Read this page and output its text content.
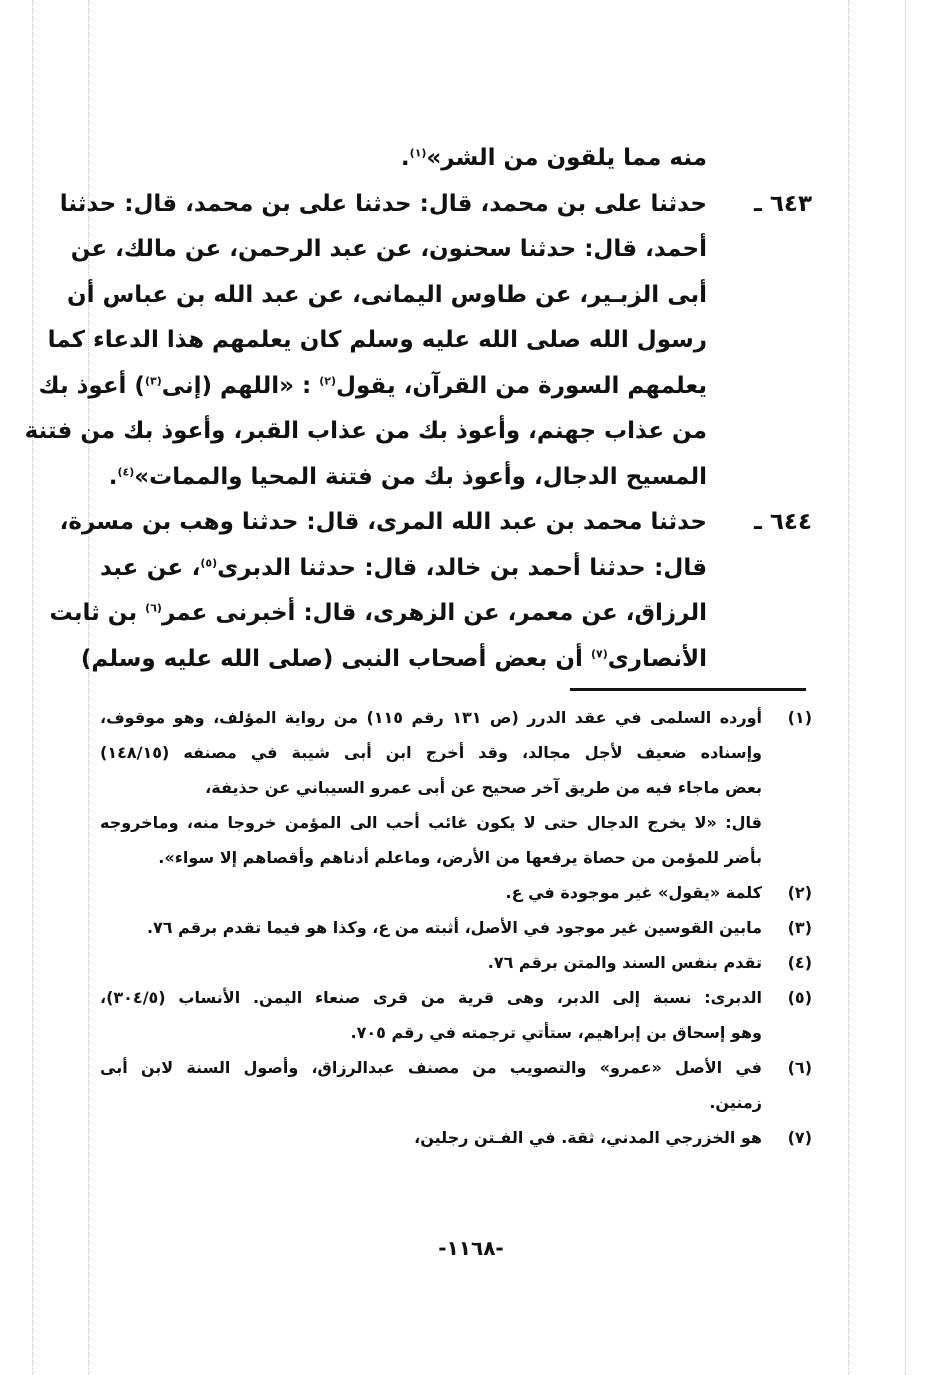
منه مما يلقون من الشر»$^{(١)}$.
٦٤٣ ـ
حدثنا على بن محمد، قال: حدثنا على بن محمد، قال: حدثنا
أحمد، قال: حدثنا سحنون، عن عبد الرحمن، عن مالك، عن
أبى الزبـير، عن طاوس اليمانى، عن عبد الله بن عباس أن
رسول الله صلى الله عليه وسلم كان يعلمهم هذا الدعاء كما
يعلمهم السورة من القرآن، يقول$^{(٢)}$ : «اللهم (إنى$^{(٣)}$) أعوذ بك
من عذاب جهنم، وأعوذ بك من عذاب القبر، وأعوذ بك من فتنة
المسيح الدجال، وأعوذ بك من فتنة المحيا والممات»$^{(٤)}$.
٦٤٤ ـ
حدثنا محمد بن عبد الله المرى، قال: حدثنا وهب بن مسرة،
قال: حدثنا أحمد بن خالد، قال: حدثنا الدبرى$^{(٥)}$، عن عبد
الرزاق، عن معمر، عن الزهرى، قال: أخبرنى عمر$^{(٦)}$ بن ثابت
الأنصارى$^{(٧)}$ أن بعض أصحاب النبى (صلى الله عليه وسلم)
(١)
أورده السلمى في عقد الدرر (ص ١٣١ رقم ١١٥) من رواية المؤلف، وهو موقوف،
وإسناده ضعيف لأجل مجالد، وقد أخرج ابن أبى شيبة في مصنفه (١٤٨/١٥)
بعض ماجاء فيه من طريق آخر صحيح عن أبى عمرو السيباني عن حذيفة،
قال: «لا يخرج الدجال حتى لا يكون غائب أحب الى المؤمن خروجا منه، وماخروجه
بأضر للمؤمن من حصاة يرفعها من الأرض، وماعلم أدناهم وأقصاهم إلا سواء».
(٢)
كلمة «يقول» غير موجودة في ع.
(٣)
مابين القوسين غير موجود في الأصل، أثبته من ع، وكذا هو فيما تقدم برقم ٧٦.
(٤)
تقدم بنفس السند والمتن برقم ٧٦.
(٥)
الدبرى: نسبة إلى الدبر، وهى قرية من قرى صنعاء اليمن. الأنساب (٣٠٤/٥)،
وهو إسحاق بن إبراهيم، ستأتي ترجمته في رقم ٧٠٥.
(٦)
في الأصل «عمرو» والتصويب من مصنف عبدالرزاق، وأصول السنة لابن أبى
زمنين.
(٧)
هو الخزرجي المدني، ثقة. في الفـتن رجلين،
-١١٦٨-
